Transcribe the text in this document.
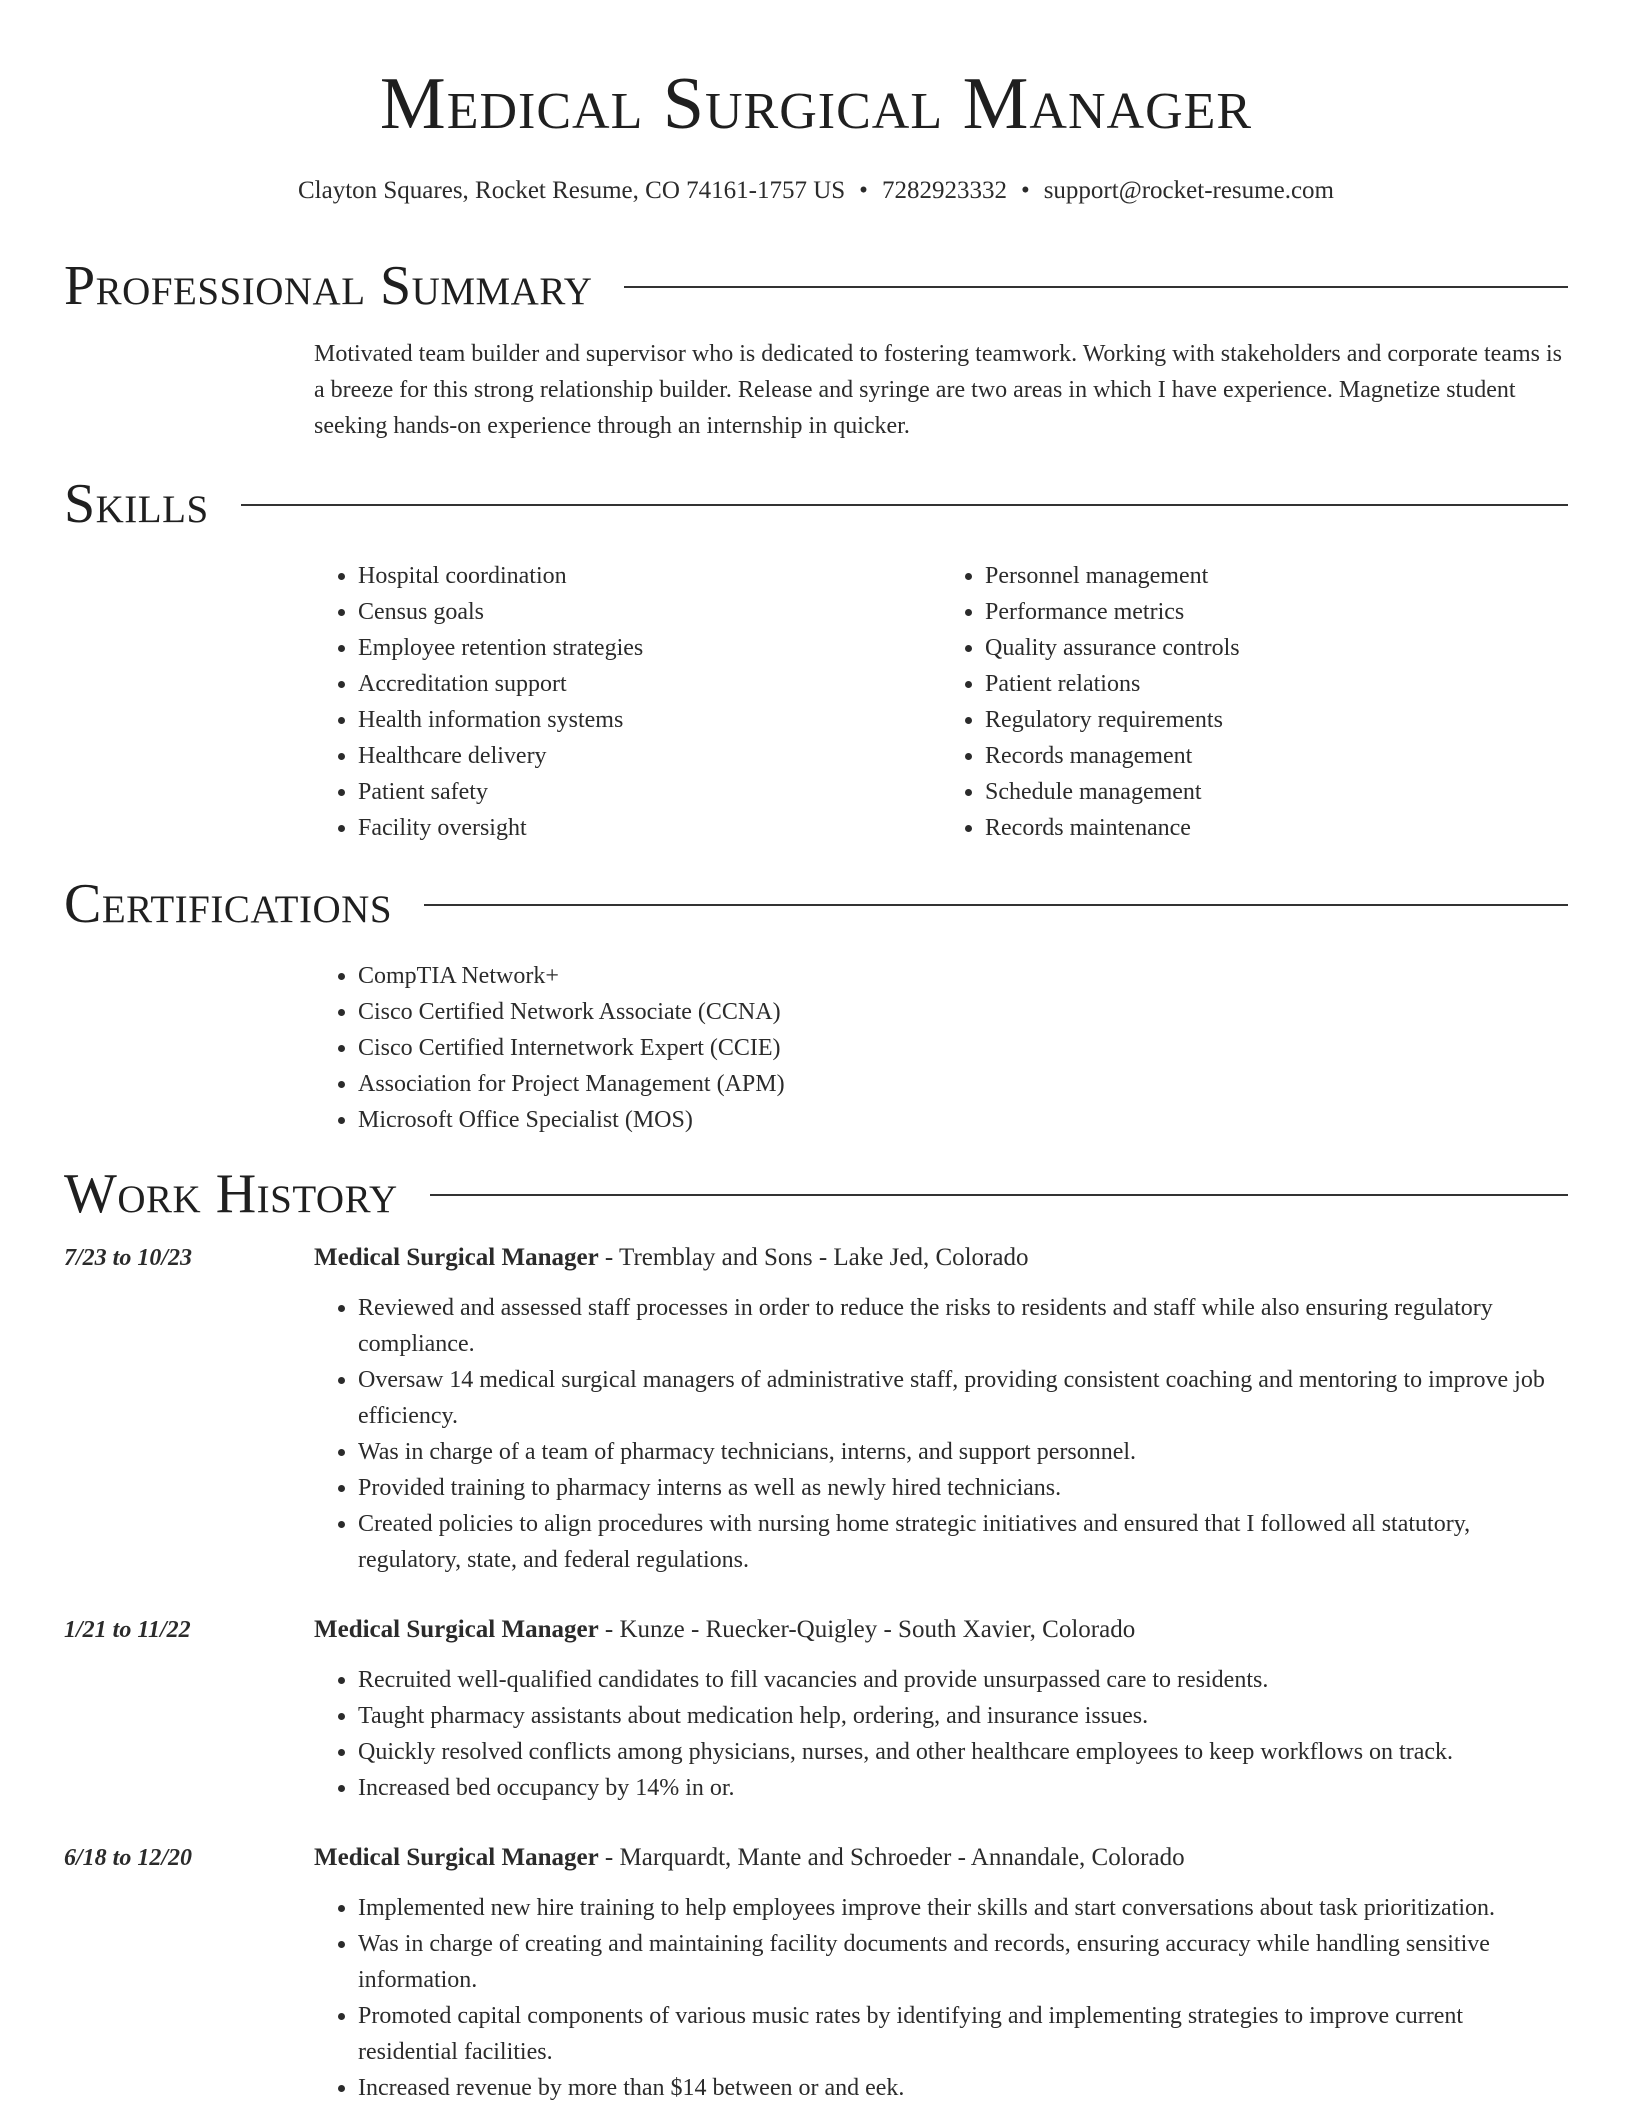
Medical Surgical Manager
Clayton Squares, Rocket Resume, CO 74161-1757 US • 7282923332 • support@rocket-resume.com
Professional Summary

Motivated team builder and supervisor who is dedicated to fostering teamwork. Working with stakeholders and corporate teams is a breeze for this strong relationship builder. Release and syringe are two areas in which I have experience. Magnetize student seeking hands-on experience through an internship in quicker.

Skills
• Hospital coordination
• Census goals
• Employee retention strategies
• Accreditation support
• Health information systems
• Healthcare delivery
• Patient safety
• Facility oversight
• Personnel management
• Performance metrics
• Quality assurance controls
• Patient relations
• Regulatory requirements
• Records management
• Schedule management
• Records maintenance
Certifications
• CompTIA Network+
• Cisco Certified Network Associate (CCNA)
• Cisco Certified Internetwork Expert (CCIE)
• Association for Project Management (APM)
• Microsoft Office Specialist (MOS)
Work History
7/23 to 10/23	Medical Surgical Manager - Tremblay and Sons - Lake Jed, Colorado

• Reviewed and assessed staff processes in order to reduce the risks to residents and staff while also ensuring regulatory compliance.
• Oversaw 14 medical surgical managers of administrative staff, providing consistent coaching and mentoring to improve job efficiency.
• Was in charge of a team of pharmacy technicians, interns, and support personnel.
• Provided training to pharmacy interns as well as newly hired technicians.
• Created policies to align procedures with nursing home strategic initiatives and ensured that I followed all statutory, regulatory, state, and federal regulations.
1/21 to 11/22	Medical Surgical Manager - Kunze - Ruecker-Quigley - South Xavier, Colorado

• Recruited well-qualified candidates to fill vacancies and provide unsurpassed care to residents.
• Taught pharmacy assistants about medication help, ordering, and insurance issues.
• Quickly resolved conflicts among physicians, nurses, and other healthcare employees to keep workflows on track.
• Increased bed occupancy by 14% in or.
6/18 to 12/20	Medical Surgical Manager - Marquardt, Mante and Schroeder - Annandale, Colorado

• Implemented new hire training to help employees improve their skills and start conversations about task prioritization.
• Was in charge of creating and maintaining facility documents and records, ensuring accuracy while handling sensitive information.
• Promoted capital components of various music rates by identifying and implementing strategies to improve current residential facilities.
• Increased revenue by more than $14 between or and eek.
